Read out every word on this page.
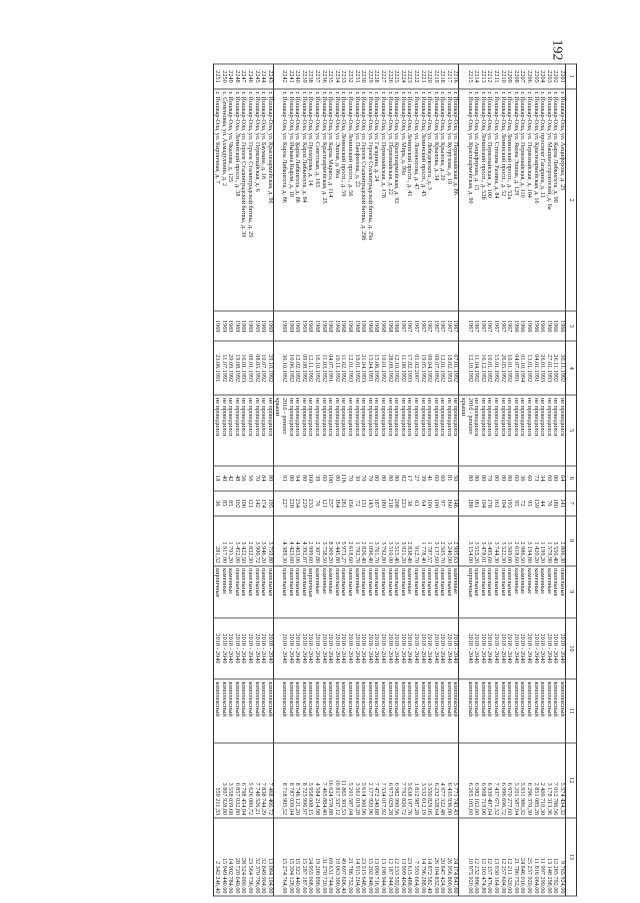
192
1	2	3	4	5	6	7	8	9	10	11	12	13
2201	г. Йошкар-Ола, ул. Анциферова, д. 25	1966	30.11.1992	не проводился	64	141	2 806,30	панельные	2018 - 2040	комплексный	5 574 434,32	9 765 924,00
2202	г. Йошкар-Ола, ул. Карла Либкнехта, д. 90	1966	26.11.1992	не проводился	80	180	3 550,40	панельные	2018 - 2040	комплексный	7 012 786,56	12 285 792,00
2203	г. Йошкар-Ола, ул. Машиностроителей, д. 6а	1966	27.01.1993	не проводился	60	76	1 579,90	каменные	2018 - 2040	комплексный	3 178 313,36	13 148 298,00
2204	г. Йошкар-Ола, проспект Гагарина, д. 11	1966	26.01.1993	не проводился	34	44	1 199,20	каменные	2018 - 2040	комплексный	2 400 710,30	11 997 290,00
2205	г. Йошкар-Ола, ул. Красноармейская, д. 16	1966	04.01.1991	не проводился	73	139	1 420,20	каменные	2018 - 2040	комплексный	2 851 085,28	11 816 064,00
2206	г. Йошкар-Ола, ул. Первомайская, д. 104	1966	13.01.1992	не проводился	60	95	3 194,80	каменные	2018 - 2040	комплексный	6 296 370,30	25 237 920,00
2207	г. Йошкар-Ола, ул. Первомайская, д. 110	1966	01.10.1994	не проводился	36	72	2 986,50	каменные	2018 - 2040	комплексный	5 931 986,32	24 846 016,00
2208	г. Йошкар-Ола, ул. Якова Эшпая, д. 129	1966	04.07.1991	не проводился	60	95	2 618,60	каменные	2018 - 2040	комплексный	5 201 587,04	21 786 752,00
2209	г. Йошкар-Ола, Ленинский просп., д. 52а	1967	10.01.1992	не проводился	80	193	3 509,00	панельные	2018 - 2040	комплексный	6 970 277,60	12 211 320,00
2210	г. Йошкар-Ола, Ленинский просп., д. 52	1967	26.05.1992	не проводился	80	194	3 522,30	панельные	2018 - 2040	комплексный	6 996 696,72	12 257 604,00
2211	г. Йошкар-Ола, ул. Степана Разина, д. 84	1967	15.01.1992	не проводился	80	161	3 744,30	панельные	2018 - 2040	комплексный	7 437 671,52	13 030 164,00
2212	г. Йошкар-Ола, ул. Первомайская, д. 100	1967	10.01.1992	не проводился	79	178	3 495,60	панельные	2018 - 2040	комплексный	6 939 487,04	12 157 476,00
2213	г. Йошкар-Ола, Ленинский просп., д. 52б	1967	16.12.1992	не проводился	80	194	3 478,01	панельные	2018 - 2040	комплексный	6 908 719,06	12 103 474,80
2214	г. Йошкар-Ола, ул. Анциферова, д. 15	1967	11.04.1992	не проводился	80	181	3 515,20	панельные	2018 - 2040	комплексный	6 982 162,00	12 232 896,00
2215	г. Йошкар-Ола, ул. Красноармейская, д. 90	1967	12.10.1992	2016 - ремонт	80	188	3 154,00	кирпичные	2018 - 2040	комплексный	6 265 105,60	10 975 920,00
				крыши								
2216	г. Йошкар-Ола, ул. Первомайская, д. 86	1967	07.01.1992	не проводился	50	146	2 905,63	каменные	2018 - 2040	комплексный	5 771 743,43	24 174 841,60
2217	г. Йошкар-Ола, ул. Кутрузова, д. 10	1967	18.02.1993	не проводился	81	160	3 240,00	панельные	2018 - 2040	комплексный	6 435 936,00	26 956 800,00
2218	г. Йошкар-Ола, ул. Крылова, д. 20	1967	12.01.1992	не проводился	60	97	2 505,70	панельные	2018 - 2040	комплексный	4 977 322,48	20 847 424,00
2219	г. Йошкар-Ола, ул. Крылова, д. 34	1967	09.07.1992	не проводился	60	100	3 137,60	панельные	2018 - 2040	комплексный	6 232 528,64	26 104 832,00
2220	г. Йошкар-Ола, ул. Лебедевского, д. 3	1967	09.04.1992	не проводился	41	100	1 787,57	панельные	2018 - 2040	комплексный	3 550 829,05	14 872 582,40
2221	г. Йошкар-Ола, Ленинский просп., д. 45	1967	19.05.1992	не проводился	39	64	1 778,40	панельные	2018 - 2040	комплексный	3 532 612,19	14 796 288,00
2222	г. Йошкар-Ола, ул. Ломоносова, д. 47	1967	01.02.2007	не проводился	27	63	912,70	панельные	2018 - 2040	комплексный	1 812 987,28	7 593 664,00
2223	г. Йошкар-Ола, Ленинский просп., д. 41	1967	17.02.1993	не проводился	17	38	2 838,40	каменные	2018 - 2040	комплексный	5 638 197,76	23 615 488,00
2224	г. Йошкар-Ола, ул. Мира, д. 99а	1967	11.08.1992	не проводился	82	223	3 921,20	панельные	2018 - 2040	комплексный	7 792 820,72	13 999 404,00
2225	г. Йошкар-Ола, ул. Красноармейская, д. 92	1968	12.10.1992	не проводился	80	208	3 515,40	панельные	2018 - 2040	комплексный	6 982 990,56	12 233 592,00
2226	г. Йошкар-Ола, ул. Первомайская, д. 22	1968	28.09.1992	не проводился	80	218	3 510,00	панельные	2018 - 2040	комплексный	6 973 029,28	12 187 944,00
2227	г. Йошкар-Ола, ул. Первомайская, д. 178	1968	10.01.1992	не проводился	80	180	3 792,80	панельные	2018 - 2040	комплексный	7 534 017,92	13 198 944,00
2228	г. Йошкар-Ола, ул. Гагарина, д. 24	1968	15.06.1992	не проводился	80	187	3 761,70	панельные	2018 - 2040	комплексный	7 472 240,88	13 090 716,00
2229	г. Йошкар-Ола, ул. Героев Сталинградской битвы, д. 29а	1968	15.04.1991	не проводился	70	143	1 096,40	панельные	2018 - 2040	комплексный	2 177 920,96	15 202 848,00
2230	г. Йошкар-Ола, ул. Героев Сталинградской битвы, д. 29б	1968	21.04.1993	не проводился	70	131	2 826,40	панельные	2018 - 2040	комплексный	5 614 360,96	23 515 648,00
2231	г. Йошкар-Ола, ул. Панфилова, д. 22	1968	10.01.1992	не проводился	30	72	1 792,70	каменные	2018 - 2040	комплексный	3 561 019,28	14 915 264,00
2232	г. Йошкар-Ола, Ленинский просп., д. 56	1968	12.01.1993	не проводился	70	156	2 618,60	панельные	2018 - 2040	комплексный	5 201 587,04	21 786 752,00
2233	г. Йошкар-Ола, Ленинский просп., д. 59	1968	11.02.1992	не проводился	116	281	5 973,27	панельные	2018 - 2040	комплексный	11 865 303,53	49 697 606,40
2234	г. Йошкар-Ола, ул. Эшпая, д. 86а	1968	10.11.1992	не проводился	80	164	5 445,80	панельные	2018 - 2040	комплексный	10 817 537,12	19 063 300,00
2235	г. Йошкар-Ола, ул. Карла Маркса, д. 114	1968	04.07.1991	не проводился	100	257	8 369,20	каменные	2018 - 2040	комплексный	16 624 578,88	69 631 744,00
2236	г. Йошкар-Ола, ул. Красноармейская, д. 25	1968	11.03.1992	не проводился	60	121	3 758,50	каменные	2018 - 2040	комплексный	7 465 884,40	31 270 720,00
2237	г. Йошкар-Ола, ул. Советская, д. 165	1968	16.10.1992	не проводился	39	76	2 307,80	каменные	2018 - 2040	комплексный	4 584 214,98	19 200 896,00
2238	г. Йошкар-Ола, ул. Прохорова, д. 14	1968	12.11.1992	не проводился	160	233	2 999,60	кирпичные	2018 - 2040	комплексный	5 958 008,15	24 955 008,00
2239	г. Йошкар-Ола, ул. Карла Либкнехта, д. 84	1969	09.08.1992	не проводился	80	229	4 392,87	панельные	2018 - 2040	комплексный	8 725 996,97	15 287 187,60
2240	г. Йошкар-Ола, ул. Карла Либкнехта, д. 88	1969	12.02.1992	не проводился	94	234	4 403,00	панельные	2018 - 2040	комплексный	8 746 121,20	15 322 440,00
2241	г. Йошкар-Ола, ул. Йывана Кырли, д. 18	1969	10.06.1992	не проводился	80	228	4 423,60	панельные	2018 - 2040	комплексный	8 787 039,04	15 394 128,00
2242	г. Йошкар-Ола, ул. Карла Либкнехта, д. 86	1969	30.10.1992	2016 - ремонт	93	227	4 389,30	панельные	2018 - 2040	комплексный	8 718 905,52	15 274 764,00
				крыши								
2243	г. Йошкар-Ола, ул. Красноармейская, д. 96	1969	29.10.1992	не проводился	80	195	3 759,80	панельные	2018 - 2040	комплексный	7 468 466,72	13 084 104,00
2244	г. Йошкар-Ола, ул. Баумана, д. 18	1969	10.07.1992	не проводился	84	174	3 946,20	панельные	2018 - 2040	комплексный	7 838 744,29	32 849 904,00
2245	г. Йошкар-Ола, ул. Первомайская, д. 6	1969	08.05.1992	не проводился	70	142	3 900,72	панельные	2018 - 2040	комплексный	7 748 526,21	32 370 796,00
2246	г. Йошкар-Ола, ул. Героев Сталинградской битвы, д. 29	1969	09.01.1993	не проводился	56	121	2 832,30	панельные	2018 - 2040	комплексный	5 626 080,72	23 564 736,00
2247	г. Йошкар-Ола, ул. Героев Сталинградской битвы, д. 39	1969	16.01.1993	не проводился	56	106	3 422,50	панельные	2018 - 2040	комплексный	6 798 454,04	28 524 000,00
2248	г. Йошкар-Ола, Ленинский просп., д. 38	1969	19.08.1992	не проводился	48	102	3 452,00	панельные	2018 - 2040	комплексный	6 857 032,80	28 720 640,00
2249	г. Йошкар-Ола, ул. Чкалова, д. 125	1969	29.09.1992	не проводился	42	85	1 791,20	каменные	2018 - 2040	комплексный	3 558 039,68	14 902 784,00
2250	с. Семеновка, ул. Ахмадуллина, д. 2	1969	11.07.1992	не проводился	40	85	1 917,00	каменные	2018 - 2040	комплексный	3 807 928,80	15 949 440,00
2251	г. Йошкар-Ола, ул. Кирпичная, д. 7	1969	23.06.1991	не проводился	18	36	281,52	кирпичные	2018 - 2040	комплексный	559 211,33	2 342 246,40
